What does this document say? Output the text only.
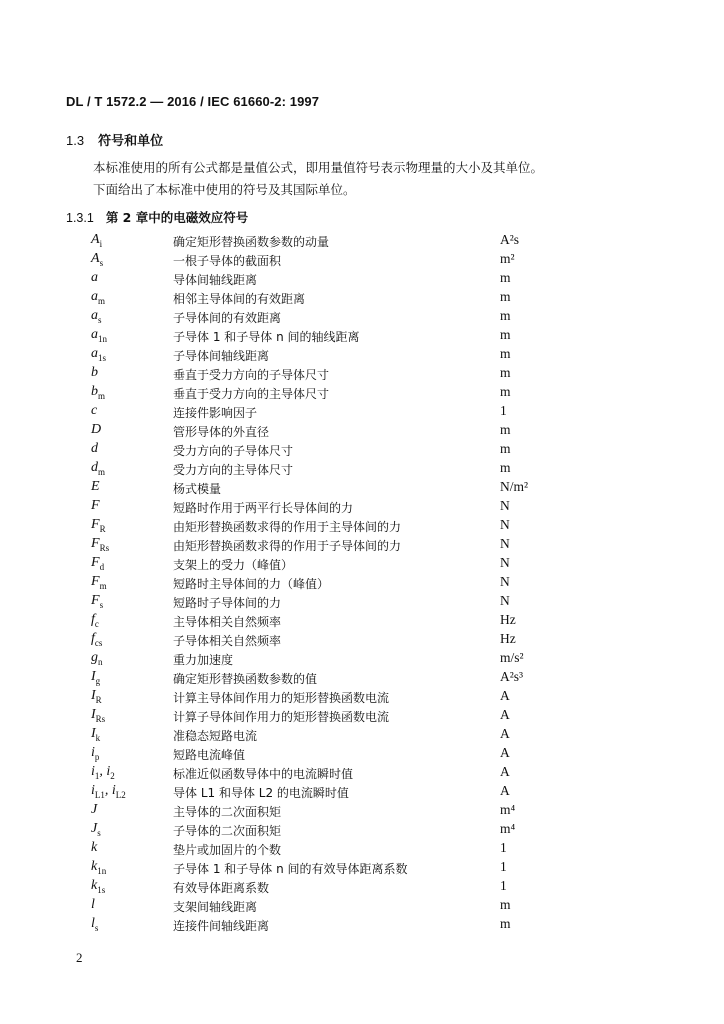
DL / T 1572.2 — 2016 / IEC 61660-2: 1997
1.3 符号和单位
本标准使用的所有公式都是量值公式，即用量值符号表示物理量的大小及其单位。
下面给出了本标准中使用的符号及其国际单位。
1.3.1 第 2 章中的电磁效应符号
$A_i$	确定矩形替换函数参数的动量	A²s
$A_s$	一根子导体的截面积	m²
a	导体间轴线距离	m
$a_m$	相邻主导体间的有效距离	m
$a_s$	子导体间的有效距离	m
$a_{1n}$	子导体 1 和子导体 n 间的轴线距离	m
$a_{1s}$	子导体间轴线距离	m
b	垂直于受力方向的子导体尺寸	m
$b_m$	垂直于受力方向的主导体尺寸	m
c	连接件影响因子	1
D	管形导体的外直径	m
d	受力方向的子导体尺寸	m
$d_m$	受力方向的主导体尺寸	m
E	杨式模量	N/m²
F	短路时作用于两平行长导体间的力	N
$F_R$	由矩形替换函数求得的作用于主导体间的力	N
$F_{Rs}$	由矩形替换函数求得的作用于子导体间的力	N
$F_d$	支架上的受力（峰值）	N
$F_m$	短路时主导体间的力（峰值）	N
$F_s$	短路时子导体间的力	N
$f_c$	主导体相关自然频率	Hz
$f_{cs}$	子导体相关自然频率	Hz
$g_n$	重力加速度	m/s²
$I_g$	确定矩形替换函数参数的值	A²s³
$I_R$	计算主导体间作用力的矩形替换函数电流	A
$I_{Rs}$	计算子导体间作用力的矩形替换函数电流	A
$I_k$	准稳态短路电流	A
$i_p$	短路电流峰值	A
$i_1$, $i_2$	标准近似函数导体中的电流瞬时值	A
$i_{L1}$, $i_{L2}$	导体 L1 和导体 L2 的电流瞬时值	A
J	主导体的二次面积矩	m⁴
$J_s$	子导体的二次面积矩	m⁴
k	垫片或加固片的个数	1
$k_{1n}$	子导体 1 和子导体 n 间的有效导体距离系数	1
$k_{1s}$	有效导体距离系数	1
l	支架间轴线距离	m
$l_s$	连接件间轴线距离	m
2
